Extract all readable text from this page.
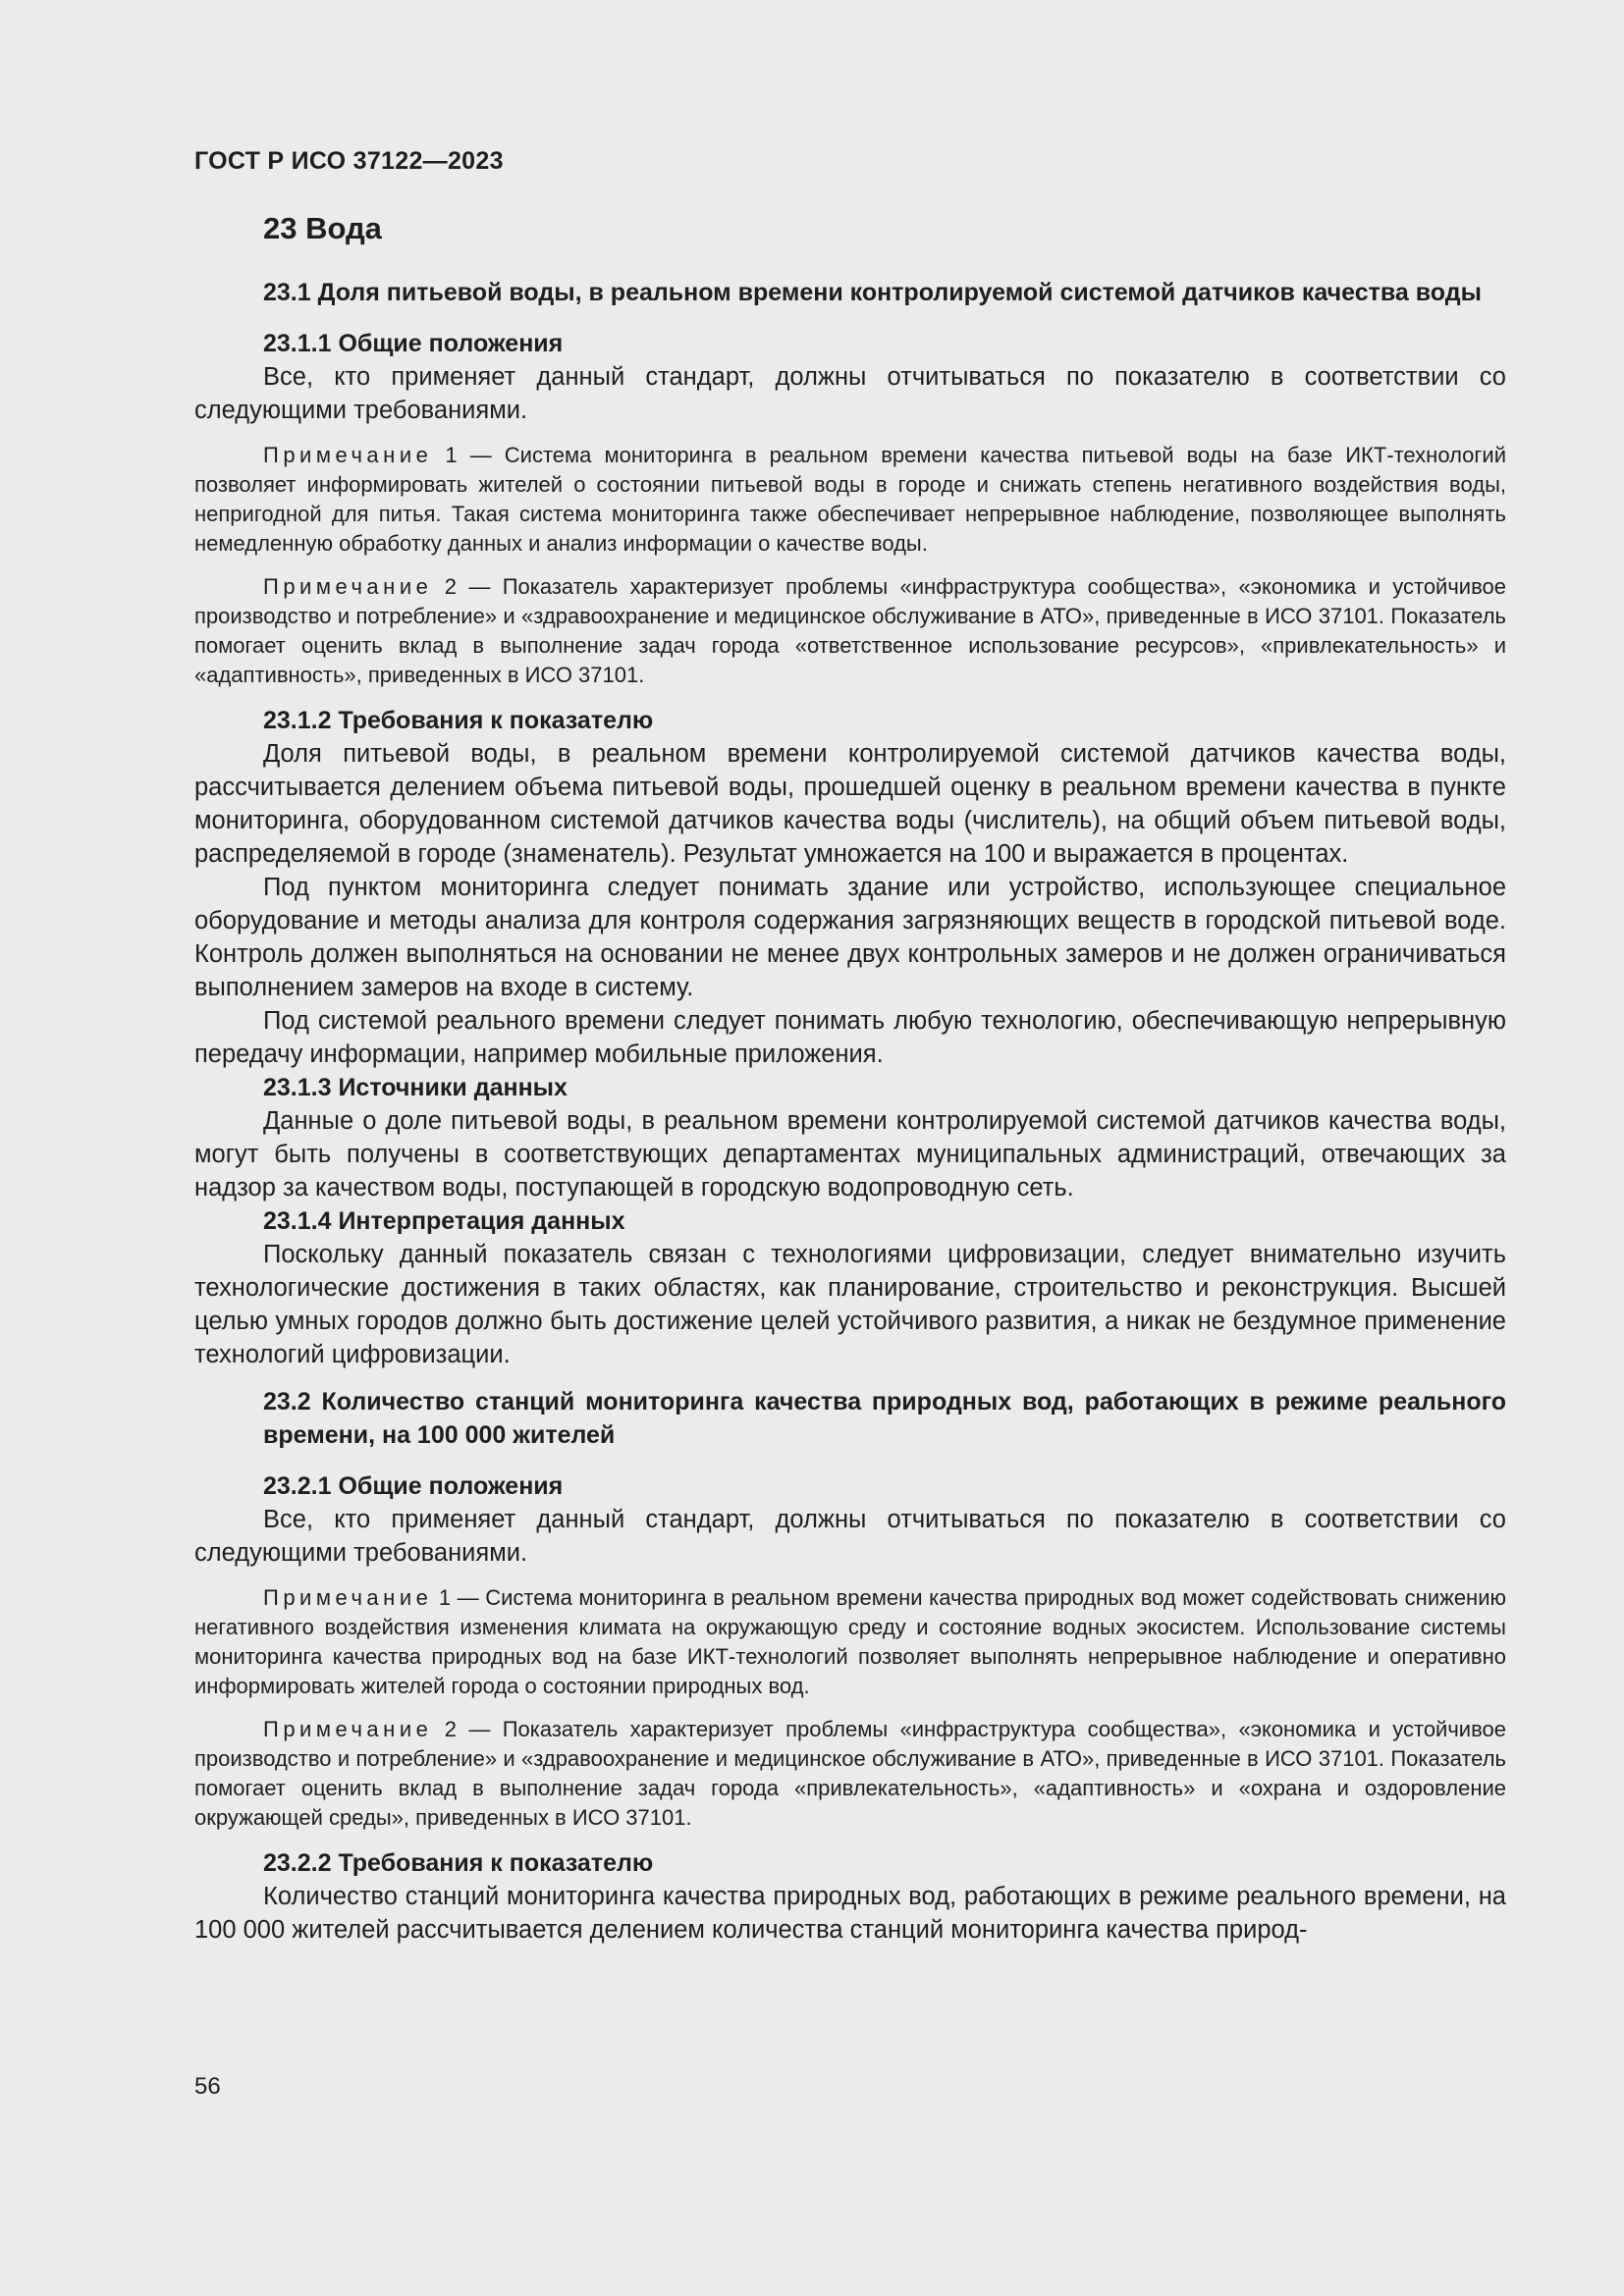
ГОСТ Р ИСО 37122—2023
23 Вода
23.1 Доля питьевой воды, в реальном времени контролируемой системой датчиков качества воды
23.1.1 Общие положения

Все, кто применяет данный стандарт, должны отчитываться по показателю в соответствии со следующими требованиями.

Примечание 1 — Система мониторинга в реальном времени качества питьевой воды на базе ИКТ-технологий позволяет информировать жителей о состоянии питьевой воды в городе и снижать степень негативного воздействия воды, непригодной для питья. Такая система мониторинга также обеспечивает непрерывное наблюдение, позволяющее выполнять немедленную обработку данных и анализ информации о качестве воды.

Примечание 2 — Показатель характеризует проблемы «инфраструктура сообщества», «экономика и устойчивое производство и потребление» и «здравоохранение и медицинское обслуживание в АТО», приведенные в ИСО 37101. Показатель помогает оценить вклад в выполнение задач города «ответственное использование ресурсов», «привлекательность» и «адаптивность», приведенных в ИСО 37101.

23.1.2 Требования к показателю

Доля питьевой воды, в реальном времени контролируемой системой датчиков качества воды, рассчитывается делением объема питьевой воды, прошедшей оценку в реальном времени качества в пункте мониторинга, оборудованном системой датчиков качества воды (числитель), на общий объем питьевой воды, распределяемой в городе (знаменатель). Результат умножается на 100 и выражается в процентах.

Под пунктом мониторинга следует понимать здание или устройство, использующее специальное оборудование и методы анализа для контроля содержания загрязняющих веществ в городской питьевой воде. Контроль должен выполняться на основании не менее двух контрольных замеров и не должен ограничиваться выполнением замеров на входе в систему.

Под системой реального времени следует понимать любую технологию, обеспечивающую непрерывную передачу информации, например мобильные приложения.

23.1.3 Источники данных

Данные о доле питьевой воды, в реальном времени контролируемой системой датчиков качества воды, могут быть получены в соответствующих департаментах муниципальных администраций, отвечающих за надзор за качеством воды, поступающей в городскую водопроводную сеть.

23.1.4 Интерпретация данных

Поскольку данный показатель связан с технологиями цифровизации, следует внимательно изучить технологические достижения в таких областях, как планирование, строительство и реконструкция. Высшей целью умных городов должно быть достижение целей устойчивого развития, а никак не бездумное применение технологий цифровизации.

23.2 Количество станций мониторинга качества природных вод, работающих в режиме реального времени, на 100 000 жителей
23.2.1 Общие положения

Все, кто применяет данный стандарт, должны отчитываться по показателю в соответствии со следующими требованиями.

Примечание 1 — Система мониторинга в реальном времени качества природных вод может содействовать снижению негативного воздействия изменения климата на окружающую среду и состояние водных экосистем. Использование системы мониторинга качества природных вод на базе ИКТ-технологий позволяет выполнять непрерывное наблюдение и оперативно информировать жителей города о состоянии природных вод.

Примечание 2 — Показатель характеризует проблемы «инфраструктура сообщества», «экономика и устойчивое производство и потребление» и «здравоохранение и медицинское обслуживание в АТО», приведенные в ИСО 37101. Показатель помогает оценить вклад в выполнение задач города «привлекательность», «адаптивность» и «охрана и оздоровление окружающей среды», приведенных в ИСО 37101.

23.2.2 Требования к показателю

Количество станций мониторинга качества природных вод, работающих в режиме реального времени, на 100 000 жителей рассчитывается делением количества станций мониторинга качества природ-

56
